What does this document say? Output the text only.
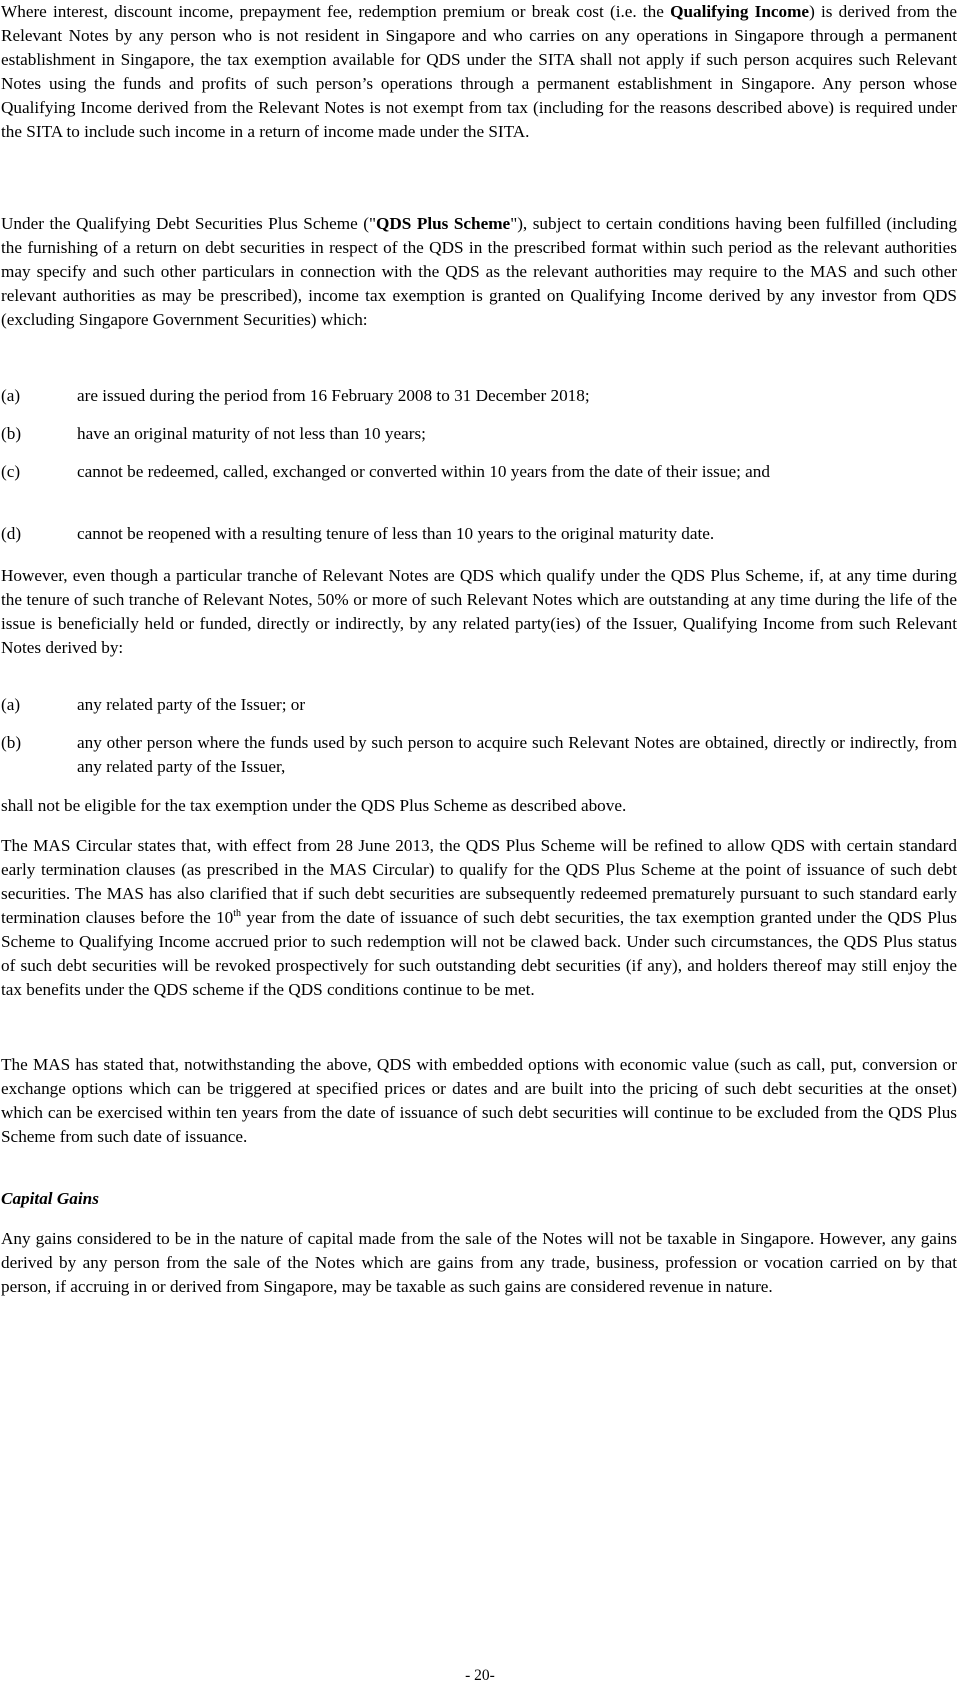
Where interest, discount income, prepayment fee, redemption premium or break cost (i.e. the Qualifying Income) is derived from the Relevant Notes by any person who is not resident in Singapore and who carries on any operations in Singapore through a permanent establishment in Singapore, the tax exemption available for QDS under the SITA shall not apply if such person acquires such Relevant Notes using the funds and profits of such person’s operations through a permanent establishment in Singapore. Any person whose Qualifying Income derived from the Relevant Notes is not exempt from tax (including for the reasons described above) is required under the SITA to include such income in a return of income made under the SITA.

Under the Qualifying Debt Securities Plus Scheme ("QDS Plus Scheme"), subject to certain conditions having been fulfilled (including the furnishing of a return on debt securities in respect of the QDS in the prescribed format within such period as the relevant authorities may specify and such other particulars in connection with the QDS as the relevant authorities may require to the MAS and such other relevant authorities as may be prescribed), income tax exemption is granted on Qualifying Income derived by any investor from QDS (excluding Singapore Government Securities) which:

(a)	are issued during the period from 16 February 2008 to 31 December 2018;
(b)	have an original maturity of not less than 10 years;
(c)	cannot be redeemed, called, exchanged or converted within 10 years from the date of their issue; and
(d)	cannot be reopened with a resulting tenure of less than 10 years to the original maturity date.

However, even though a particular tranche of Relevant Notes are QDS which qualify under the QDS Plus Scheme, if, at any time during the tenure of such tranche of Relevant Notes, 50% or more of such Relevant Notes which are outstanding at any time during the life of the issue is beneficially held or funded, directly or indirectly, by any related party(ies) of the Issuer, Qualifying Income from such Relevant Notes derived by:

(a)	any related party of the Issuer; or
(b)	any other person where the funds used by such person to acquire such Relevant Notes are obtained, directly or indirectly, from any related party of the Issuer,

shall not be eligible for the tax exemption under the QDS Plus Scheme as described above.

The MAS Circular states that, with effect from 28 June 2013, the QDS Plus Scheme will be refined to allow QDS with certain standard early termination clauses (as prescribed in the MAS Circular) to qualify for the QDS Plus Scheme at the point of issuance of such debt securities. The MAS has also clarified that if such debt securities are subsequently redeemed prematurely pursuant to such standard early termination clauses before the 10th year from the date of issuance of such debt securities, the tax exemption granted under the QDS Plus Scheme to Qualifying Income accrued prior to such redemption will not be clawed back. Under such circumstances, the QDS Plus status of such debt securities will be revoked prospectively for such outstanding debt securities (if any), and holders thereof may still enjoy the tax benefits under the QDS scheme if the QDS conditions continue to be met.

The MAS has stated that, notwithstanding the above, QDS with embedded options with economic value (such as call, put, conversion or exchange options which can be triggered at specified prices or dates and are built into the pricing of such debt securities at the onset) which can be exercised within ten years from the date of issuance of such debt securities will continue to be excluded from the QDS Plus Scheme from such date of issuance.

Capital Gains

Any gains considered to be in the nature of capital made from the sale of the Notes will not be taxable in Singapore. However, any gains derived by any person from the sale of the Notes which are gains from any trade, business, profession or vocation carried on by that person, if accruing in or derived from Singapore, may be taxable as such gains are considered revenue in nature.

- 20-
